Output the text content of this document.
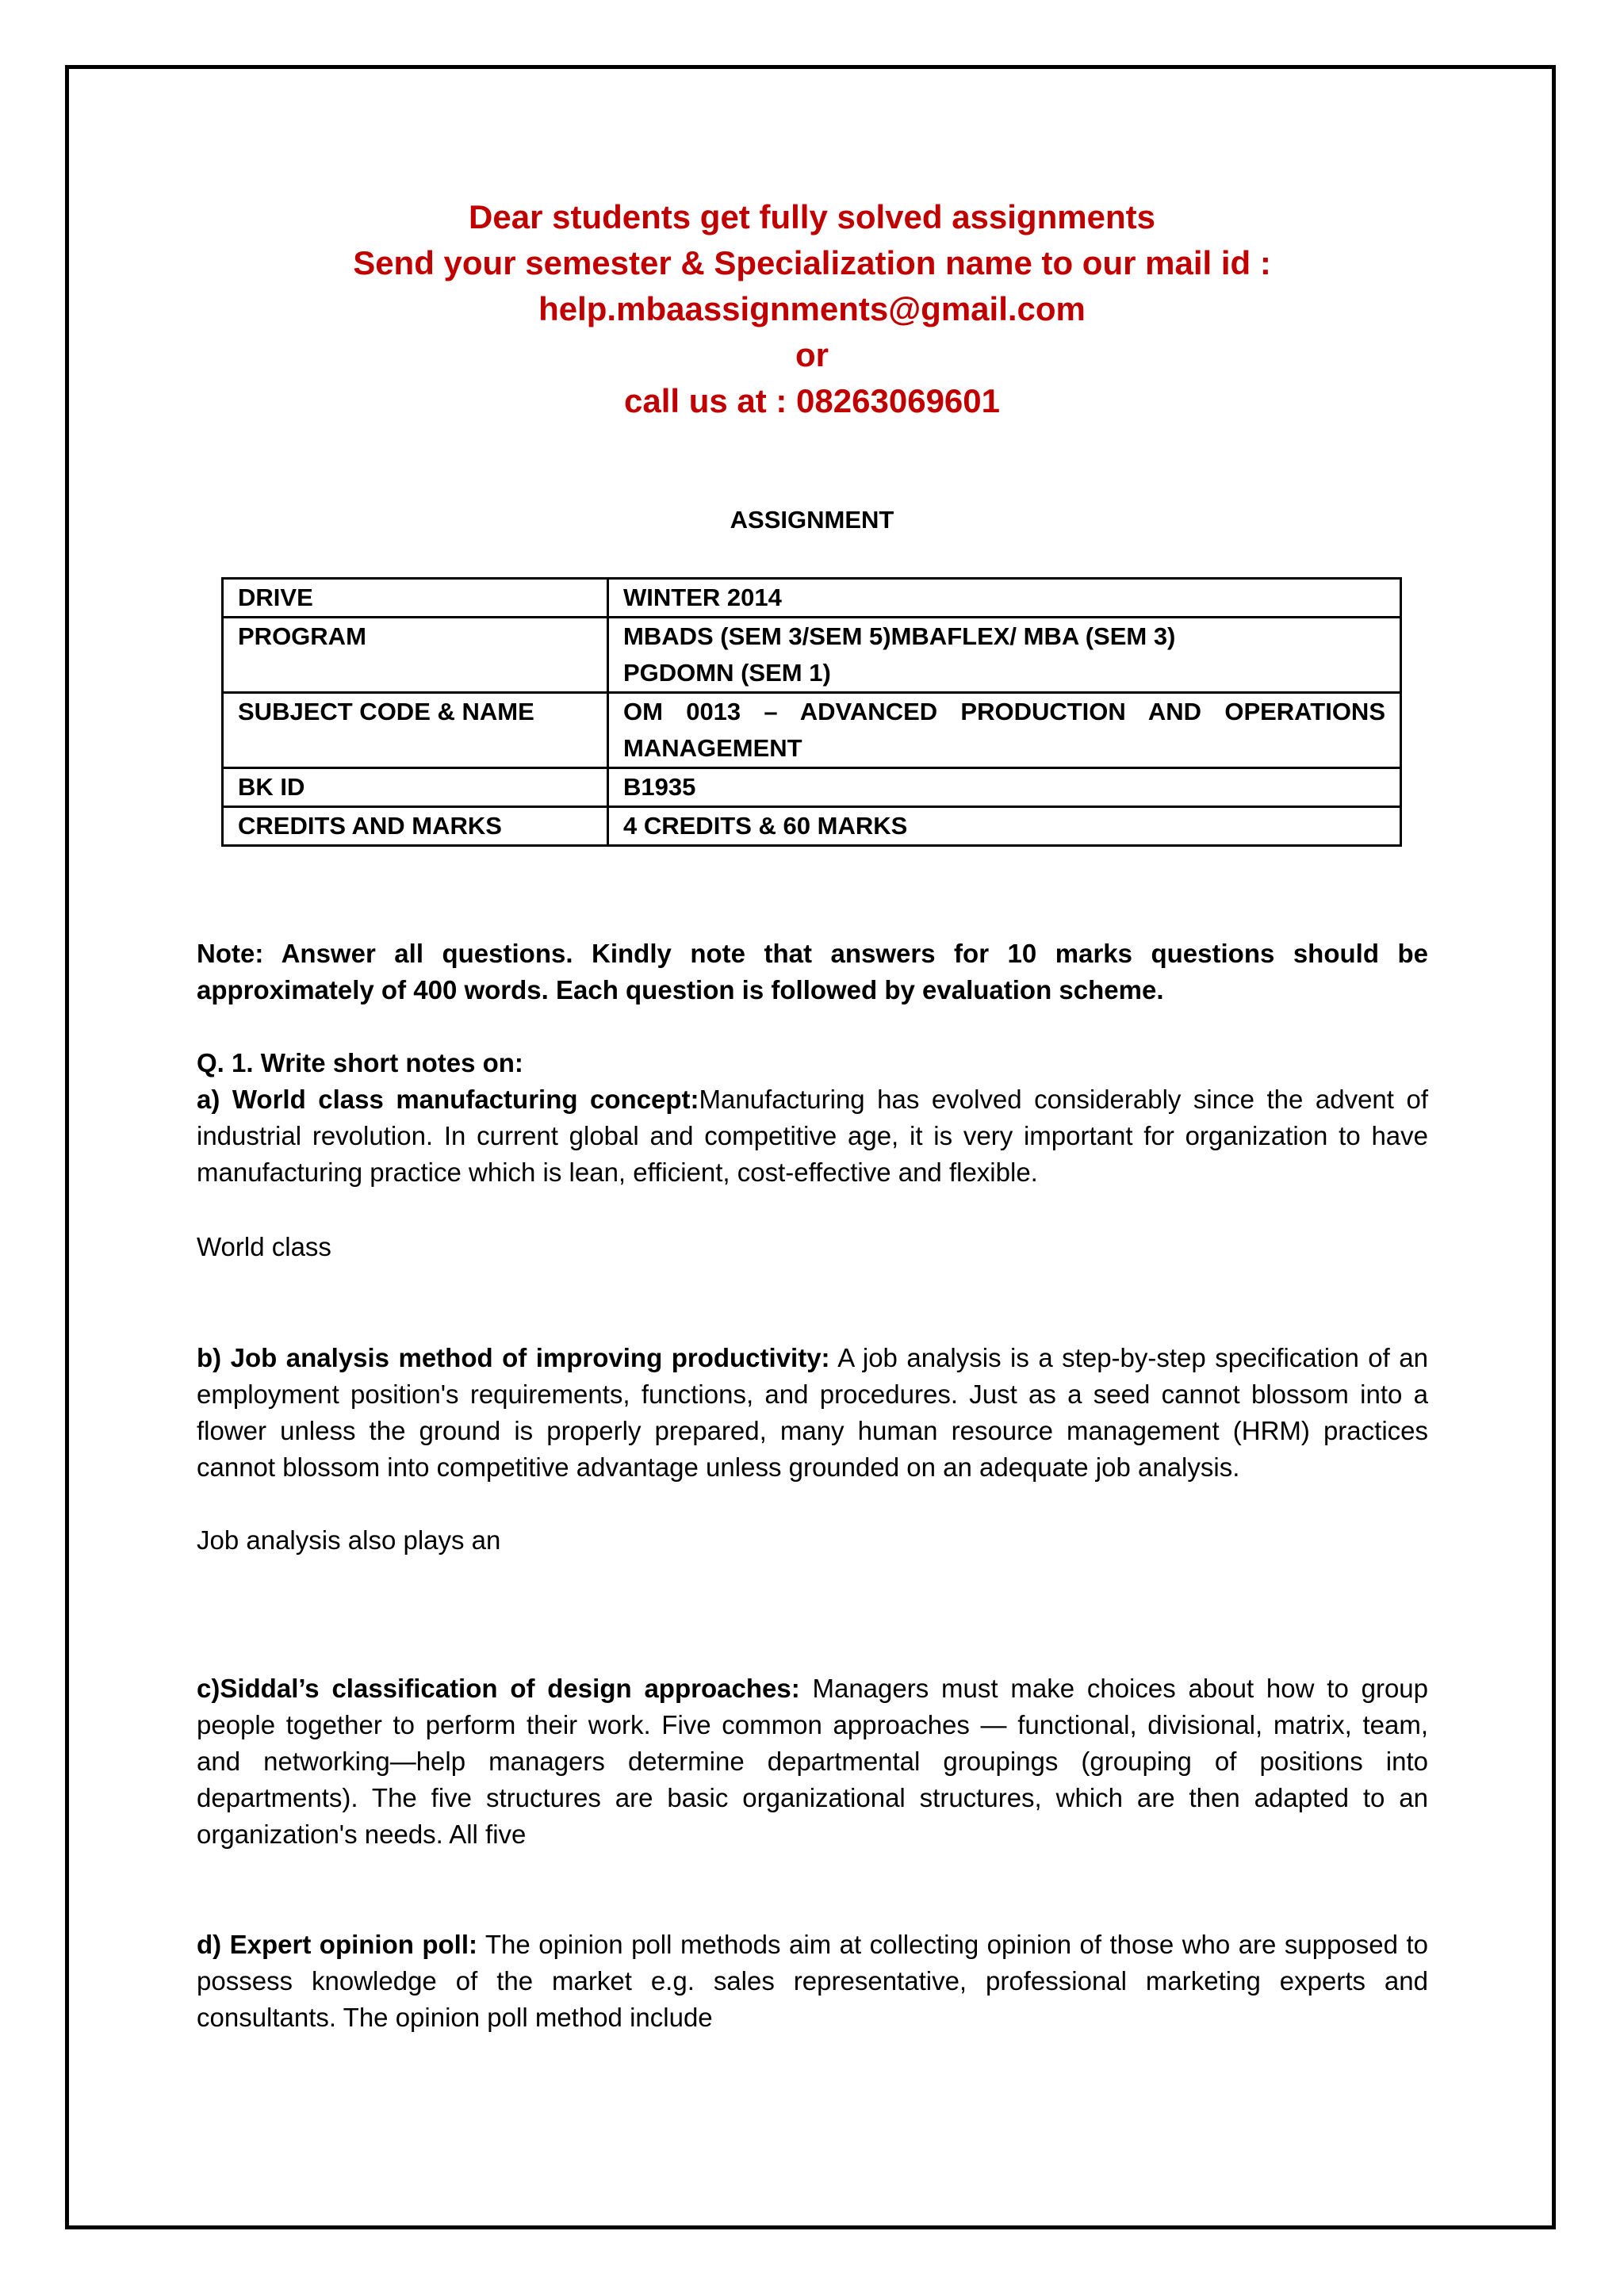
Dear students get fully solved assignments
Send your semester & Specialization name to our mail id :
help.mbaassignments@gmail.com
or
call us at : 08263069601
ASSIGNMENT
DRIVE	WINTER 2014
PROGRAM	MBADS (SEM 3/SEM 5)MBAFLEX/ MBA (SEM 3)
PGDOMN (SEM 1)

SUBJECT CODE & NAME	OM 0013 – ADVANCED PRODUCTION AND OPERATIONS
MANAGEMENT

BK ID	B1935
CREDITS AND MARKS	4 CREDITS & 60 MARKS

Note: Answer all questions. Kindly note that answers for 10 marks questions should be

approximately of 400 words. Each question is followed by evaluation scheme.

Q. 1. Write short notes on:

a) World class manufacturing concept:Manufacturing has evolved considerably since the advent of industrial revolution. In current global and competitive age, it is very important for organization to have manufacturing practice which is lean, efficient, cost-effective and flexible.

World class

b) Job analysis method of improving productivity: A job analysis is a step-by-step specification of an employment position's requirements, functions, and procedures. Just as a seed cannot blossom into a flower unless the ground is properly prepared, many human resource management (HRM) practices cannot blossom into competitive advantage unless grounded on an adequate job analysis.

Job analysis also plays an

c)Siddal’s classification of design approaches: Managers must make choices about how to group people together to perform their work. Five common approaches — functional, divisional, matrix, team, and networking—help managers determine departmental groupings (grouping of positions into departments). The five structures are basic organizational structures, which are then adapted to an organization's needs. All five

d) Expert opinion poll: The opinion poll methods aim at collecting opinion of those who are supposed to possess knowledge of the market e.g. sales representative, professional marketing experts and consultants. The opinion poll method include
